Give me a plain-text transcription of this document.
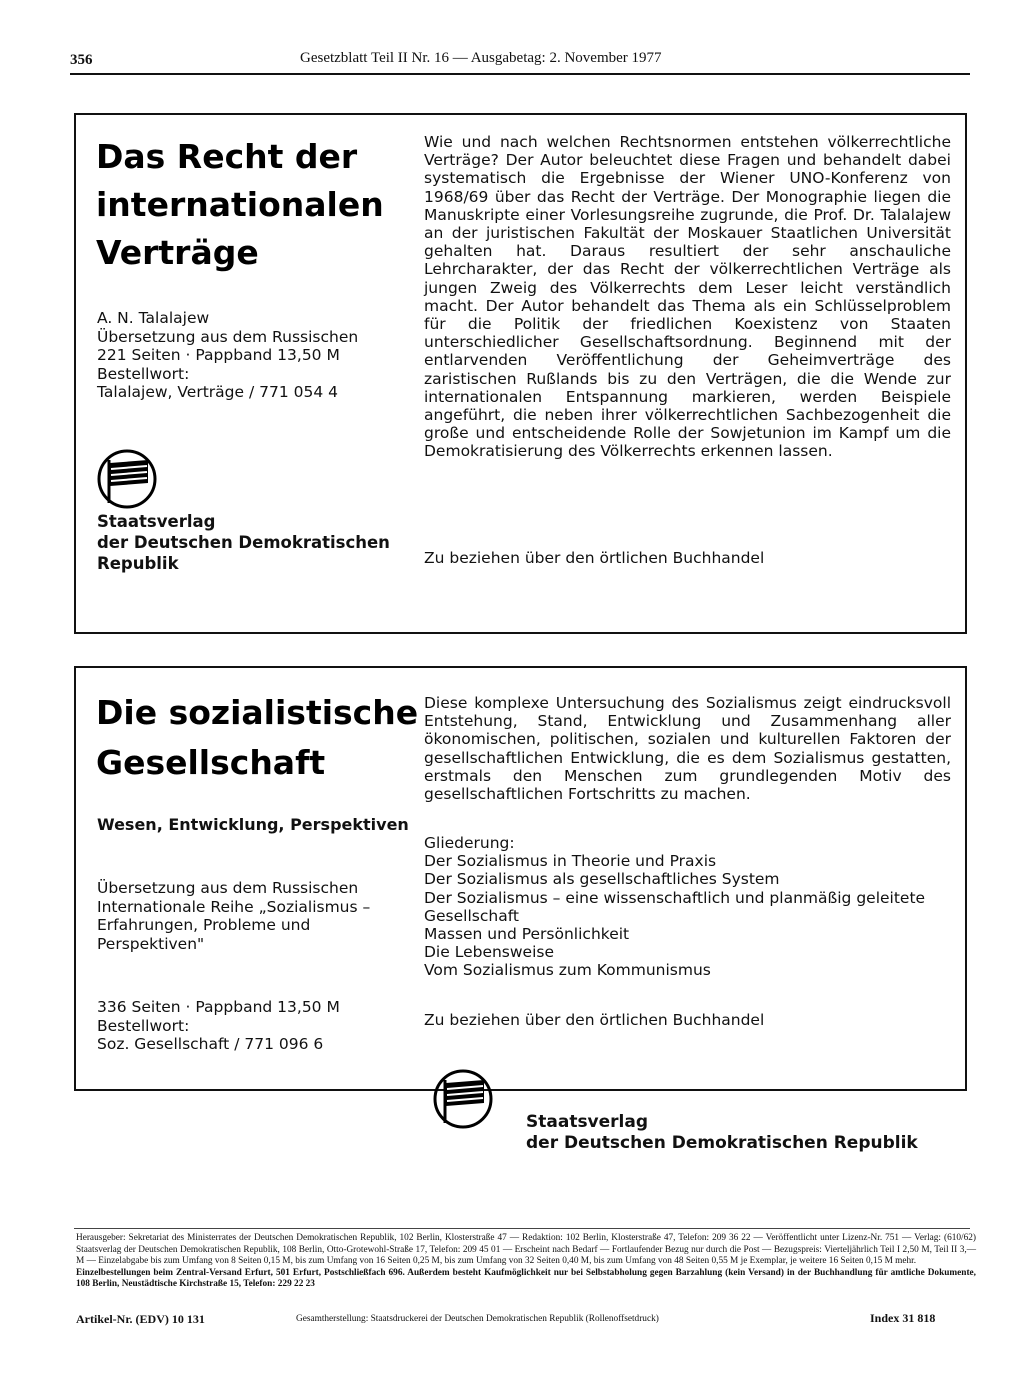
356	Gesetzblatt Teil II Nr. 16 — Ausgabetag: 2. November 1977
Das Recht der
internationalen
Verträge
A. N. Talalajew
Übersetzung aus dem Russischen
221 Seiten · Pappband 13,50 M
Bestellwort:
Talalajew, Verträge / 771 054 4
Staatsverlag
der Deutschen Demokratischen
Republik
Wie und nach welchen Rechtsnormen entstehen völkerrechtliche Verträge? Der Autor beleuchtet diese Fragen und behandelt dabei systematisch die Ergebnisse der Wiener UNO-Konferenz von 1968/69 über das Recht der Verträge. Der Monographie liegen die Manuskripte einer Vorlesungsreihe zugrunde, die Prof. Dr. Talalajew an der juristischen Fakultät der Moskauer Staatlichen Universität gehalten hat. Daraus resultiert der sehr anschauliche Lehrcharakter, der das Recht der völkerrechtlichen Verträge als jungen Zweig des Völkerrechts dem Leser leicht verständlich macht. Der Autor behandelt das Thema als ein Schlüsselproblem für die Politik der friedlichen Koexistenz von Staaten unterschiedlicher Gesellschaftsordnung. Beginnend mit der entlarvenden Veröffentlichung der Geheimverträge des zaristischen Rußlands bis zu den Verträgen, die die Wende zur internationalen Entspannung markieren, werden Beispiele angeführt, die neben ihrer völkerrechtlichen Sachbezogenheit die große und entscheidende Rolle der Sowjetunion im Kampf um die Demokratisierung des Völkerrechts erkennen lassen.
Zu beziehen über den örtlichen Buchhandel
Die sozialistische
Gesellschaft
Wesen, Entwicklung, Perspektiven
Übersetzung aus dem Russischen
Internationale Reihe „Sozialismus –
Erfahrungen, Probleme und
Perspektiven"
336 Seiten · Pappband 13,50 M
Bestellwort:
Soz. Gesellschaft / 771 096 6
Diese komplexe Untersuchung des Sozialismus zeigt eindrucksvoll Entstehung, Stand, Entwicklung und Zusammenhang aller ökonomischen, politischen, sozialen und kulturellen Faktoren der gesellschaftlichen Entwicklung, die es dem Sozialismus gestatten, erstmals den Menschen zum grundlegenden Motiv des gesellschaftlichen Fortschritts zu machen.
Gliederung:
Der Sozialismus in Theorie und Praxis
Der Sozialismus als gesellschaftliches System
Der Sozialismus – eine wissenschaftlich und planmäßig geleitete
Gesellschaft
Massen und Persönlichkeit
Die Lebensweise
Vom Sozialismus zum Kommunismus
Zu beziehen über den örtlichen Buchhandel
Staatsverlag
der Deutschen Demokratischen Republik
Herausgeber: Sekretariat des Ministerrates der Deutschen Demokratischen Republik, 102 Berlin, Klosterstraße 47 — Redaktion: 102 Berlin, Klosterstraße 47, Telefon: 209 36 22 — Veröffentlicht unter Lizenz-Nr. 751 — Verlag: (610/62) Staatsverlag der Deutschen Demokratischen Republik, 108 Berlin, Otto-Grotewohl-Straße 17, Telefon: 209 45 01 — Erscheint nach Bedarf — Fortlaufender Bezug nur durch die Post — Bezugspreis: Vierteljährlich Teil I 2,50 M, Teil II 3,— M — Einzelabgabe bis zum Umfang von 8 Seiten 0,15 M, bis zum Umfang von 16 Seiten 0,25 M, bis zum Umfang von 32 Seiten 0,40 M, bis zum Umfang von 48 Seiten 0,55 M je Exemplar, je weitere 16 Seiten 0,15 M mehr.
Einzelbestellungen beim Zentral-Versand Erfurt, 501 Erfurt, Postschließfach 696. Außerdem besteht Kaufmöglichkeit nur bei Selbstabholung gegen Barzahlung (kein Versand) in der Buchhandlung für amtliche Dokumente, 108 Berlin, Neustädtische Kirchstraße 15, Telefon: 229 22 23
Artikel-Nr. (EDV) 10 131	Gesamtherstellung: Staatsdruckerei der Deutschen Demokratischen Republik (Rollenoffsetdruck)	Index 31 818
